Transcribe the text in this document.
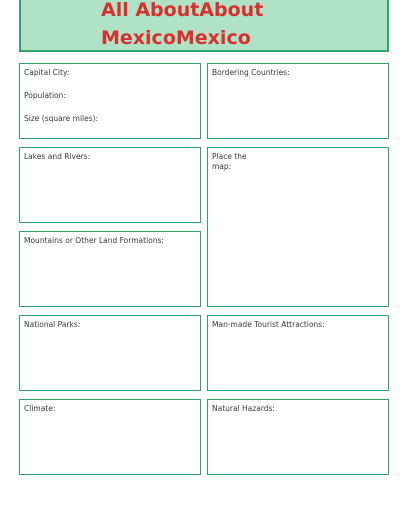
All AboutAbout
MexicoMexico
Capital City:
Population:
Size (square miles):
Bordering Countries:
Lakes and Rivers:	Place the
map:
Mountains or Other Land Formations:
National Parks:	Man-made Tourist Attractions:
Climate:	Natural Hazards:
